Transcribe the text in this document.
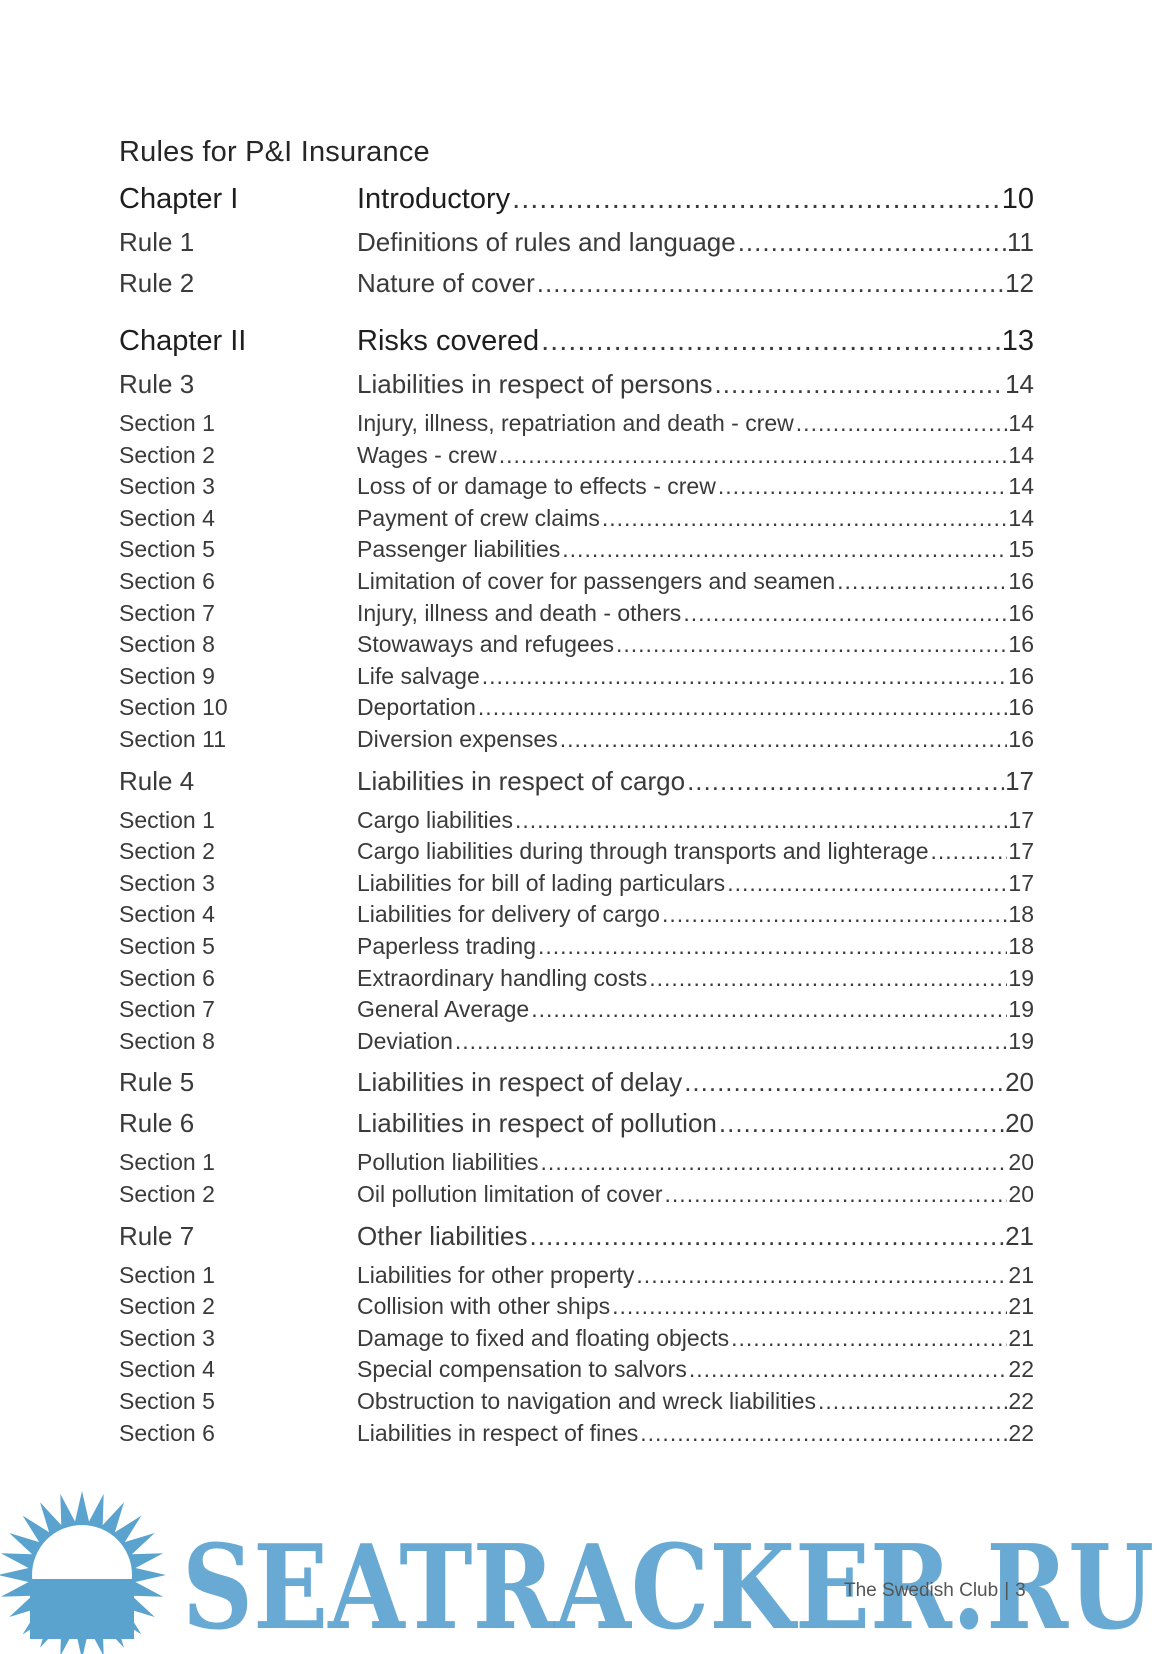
Rules for P&I Insurance
Chapter I	Introductory .....	10
Rule 1	Definitions of rules and language .....	11
Rule 2	Nature of cover .....	12
Chapter II	Risks covered .....	13
Rule 3	Liabilities in respect of persons .....	14
Section 1	Injury, illness, repatriation and death - crew .....	14
Section 2	Wages - crew .....	14
Section 3	Loss of or damage to effects - crew .....	14
Section 4	Payment of crew claims .....	14
Section 5	Passenger liabilities .....	15
Section 6	Limitation of cover for passengers and seamen .....	16
Section 7	Injury, illness and death - others .....	16
Section 8	Stowaways and refugees .....	16
Section 9	Life salvage .....	16
Section 10	Deportation .....	16
Section 11	Diversion expenses .....	16
Rule 4	Liabilities in respect of cargo .....	17
Section 1	Cargo liabilities .....	17
Section 2	Cargo liabilities during through transports and lighterage .....	17
Section 3	Liabilities for bill of lading particulars .....	17
Section 4	Liabilities for delivery of cargo .....	18
Section 5	Paperless trading .....	18
Section 6	Extraordinary handling costs .....	19
Section 7	General Average .....	19
Section 8	Deviation .....	19
Rule 5	Liabilities in respect of delay .....	20
Rule 6	Liabilities in respect of pollution .....	20
Section 1	Pollution liabilities .....	20
Section 2	Oil pollution limitation of cover .....	20
Rule 7	Other liabilities .....	21
Section 1	Liabilities for other property .....	21
Section 2	Collision with other ships .....	21
Section 3	Damage to fixed and floating objects .....	21
Section 4	Special compensation to salvors .....	22
Section 5	Obstruction to navigation and wreck liabilities .....	22
Section 6	Liabilities in respect of fines .....	22
SEATRACKER.RU
The Swedish Club | 3
